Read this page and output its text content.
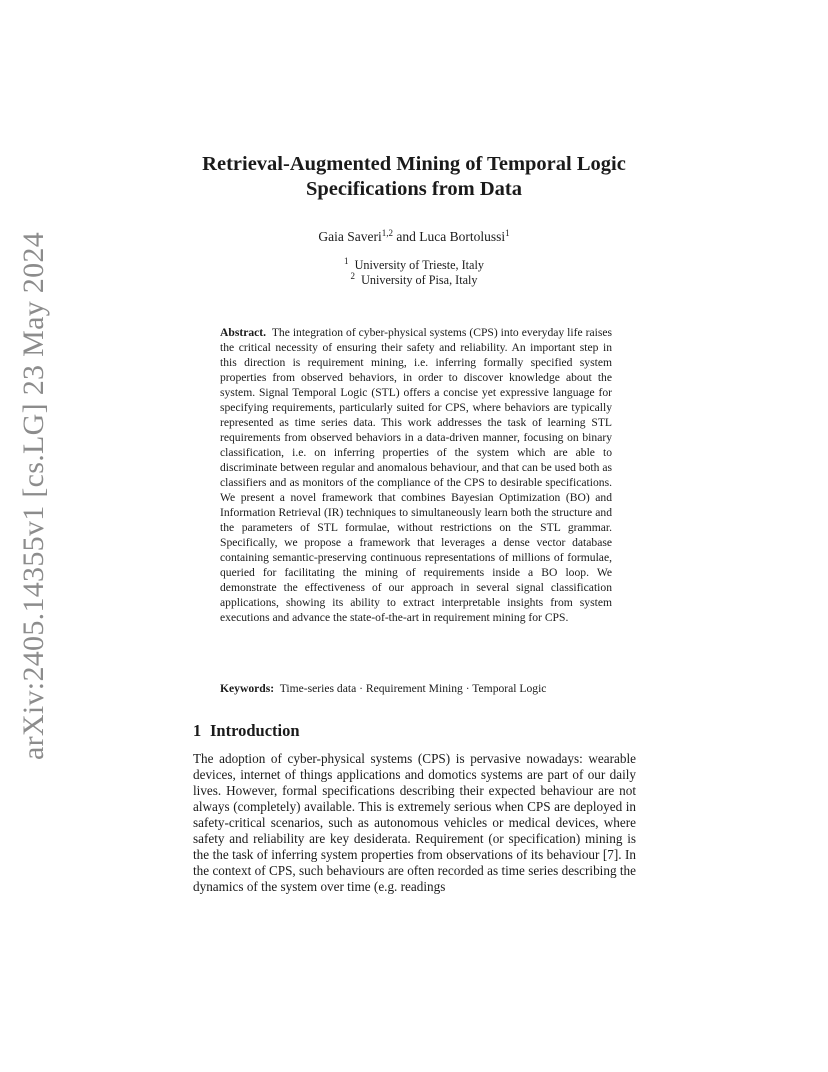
arXiv:2405.14355v1 [cs.LG] 23 May 2024
Retrieval-Augmented Mining of Temporal Logic
Specifications from Data
Gaia Saveri$^{1,2}$ and Luca Bortolussi$^1$
$^1$ University of Trieste, Italy
$^2$ University of Pisa, Italy
Abstract. The integration of cyber-physical systems (CPS) into everyday life raises the critical necessity of ensuring their safety and reliability. An important step in this direction is requirement mining, i.e. inferring formally specified system properties from observed behaviors, in order to discover knowledge about the system. Signal Temporal Logic (STL) offers a concise yet expressive language for specifying requirements, particularly suited for CPS, where behaviors are typically represented as time series data. This work addresses the task of learning STL requirements from observed behaviors in a data-driven manner, focusing on binary classification, i.e. on inferring properties of the system which are able to discriminate between regular and anomalous behaviour, and that can be used both as classifiers and as monitors of the compliance of the CPS to desirable specifications. We present a novel framework that combines Bayesian Optimization (BO) and Information Retrieval (IR) techniques to simultaneously learn both the structure and the parameters of STL formulae, without restrictions on the STL grammar. Specifically, we propose a framework that leverages a dense vector database containing semantic-preserving continuous representations of millions of formulae, queried for facilitating the mining of requirements inside a BO loop. We demonstrate the effectiveness of our approach in several signal classification applications, showing its ability to extract interpretable insights from system executions and advance the state-of-the-art in requirement mining for CPS.
Keywords: Time-series data · Requirement Mining · Temporal Logic
1 Introduction
The adoption of cyber-physical systems (CPS) is pervasive nowadays: wearable devices, internet of things applications and domotics systems are part of our daily lives. However, formal specifications describing their expected behaviour are not always (completely) available. This is extremely serious when CPS are deployed in safety-critical scenarios, such as autonomous vehicles or medical devices, where safety and reliability are key desiderata. Requirement (or specification) mining is the the task of inferring system properties from observations of its behaviour [7]. In the context of CPS, such behaviours are often recorded as time series describing the dynamics of the system over time (e.g. readings
